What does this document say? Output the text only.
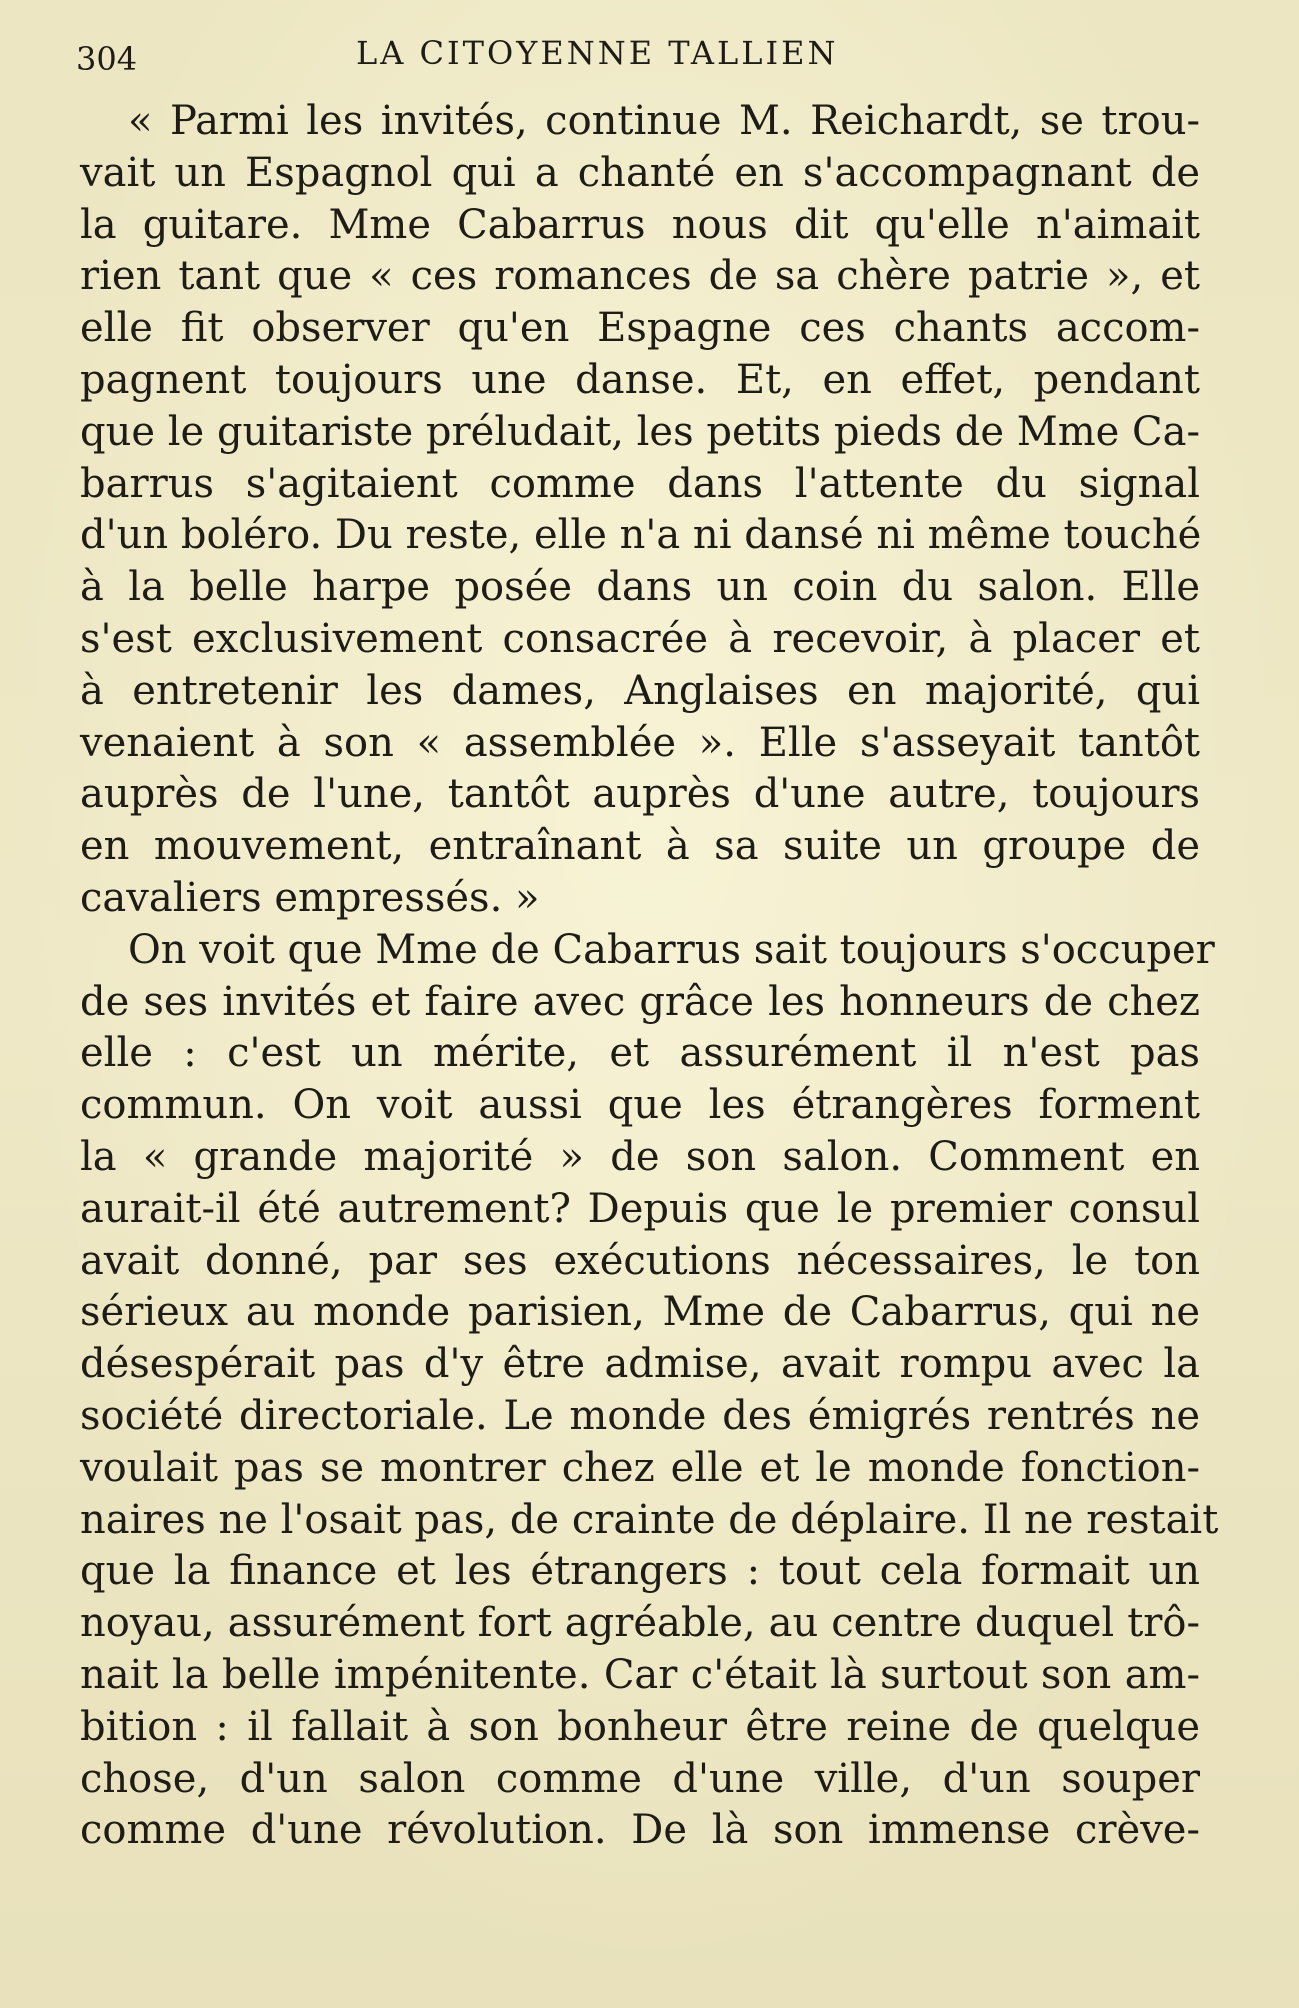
304	LA CITOYENNE TALLIEN
« Parmi les invités, continue M. Reichardt, se trou-
vait un Espagnol qui a chanté en s'accompagnant de
la guitare. Mme Cabarrus nous dit qu'elle n'aimait
rien tant que « ces romances de sa chère patrie », et
elle fit observer qu'en Espagne ces chants accom-
pagnent toujours une danse. Et, en effet, pendant
que le guitariste préludait, les petits pieds de Mme Ca-
barrus s'agitaient comme dans l'attente du signal
d'un boléro. Du reste, elle n'a ni dansé ni même touché
à la belle harpe posée dans un coin du salon. Elle
s'est exclusivement consacrée à recevoir, à placer et
à entretenir les dames, Anglaises en majorité, qui
venaient à son « assemblée ». Elle s'asseyait tantôt
auprès de l'une, tantôt auprès d'une autre, toujours
en mouvement, entraînant à sa suite un groupe de
cavaliers empressés. »
On voit que Mme de Cabarrus sait toujours s'occuper
de ses invités et faire avec grâce les honneurs de chez
elle : c'est un mérite, et assurément il n'est pas
commun. On voit aussi que les étrangères forment
la « grande majorité » de son salon. Comment en
aurait-il été autrement? Depuis que le premier consul
avait donné, par ses exécutions nécessaires, le ton
sérieux au monde parisien, Mme de Cabarrus, qui ne
désespérait pas d'y être admise, avait rompu avec la
société directoriale. Le monde des émigrés rentrés ne
voulait pas se montrer chez elle et le monde fonction-
naires ne l'osait pas, de crainte de déplaire. Il ne restait
que la finance et les étrangers : tout cela formait un
noyau, assurément fort agréable, au centre duquel trô-
nait la belle impénitente. Car c'était là surtout son am-
bition : il fallait à son bonheur être reine de quelque
chose, d'un salon comme d'une ville, d'un souper
comme d'une révolution. De là son immense crève-
